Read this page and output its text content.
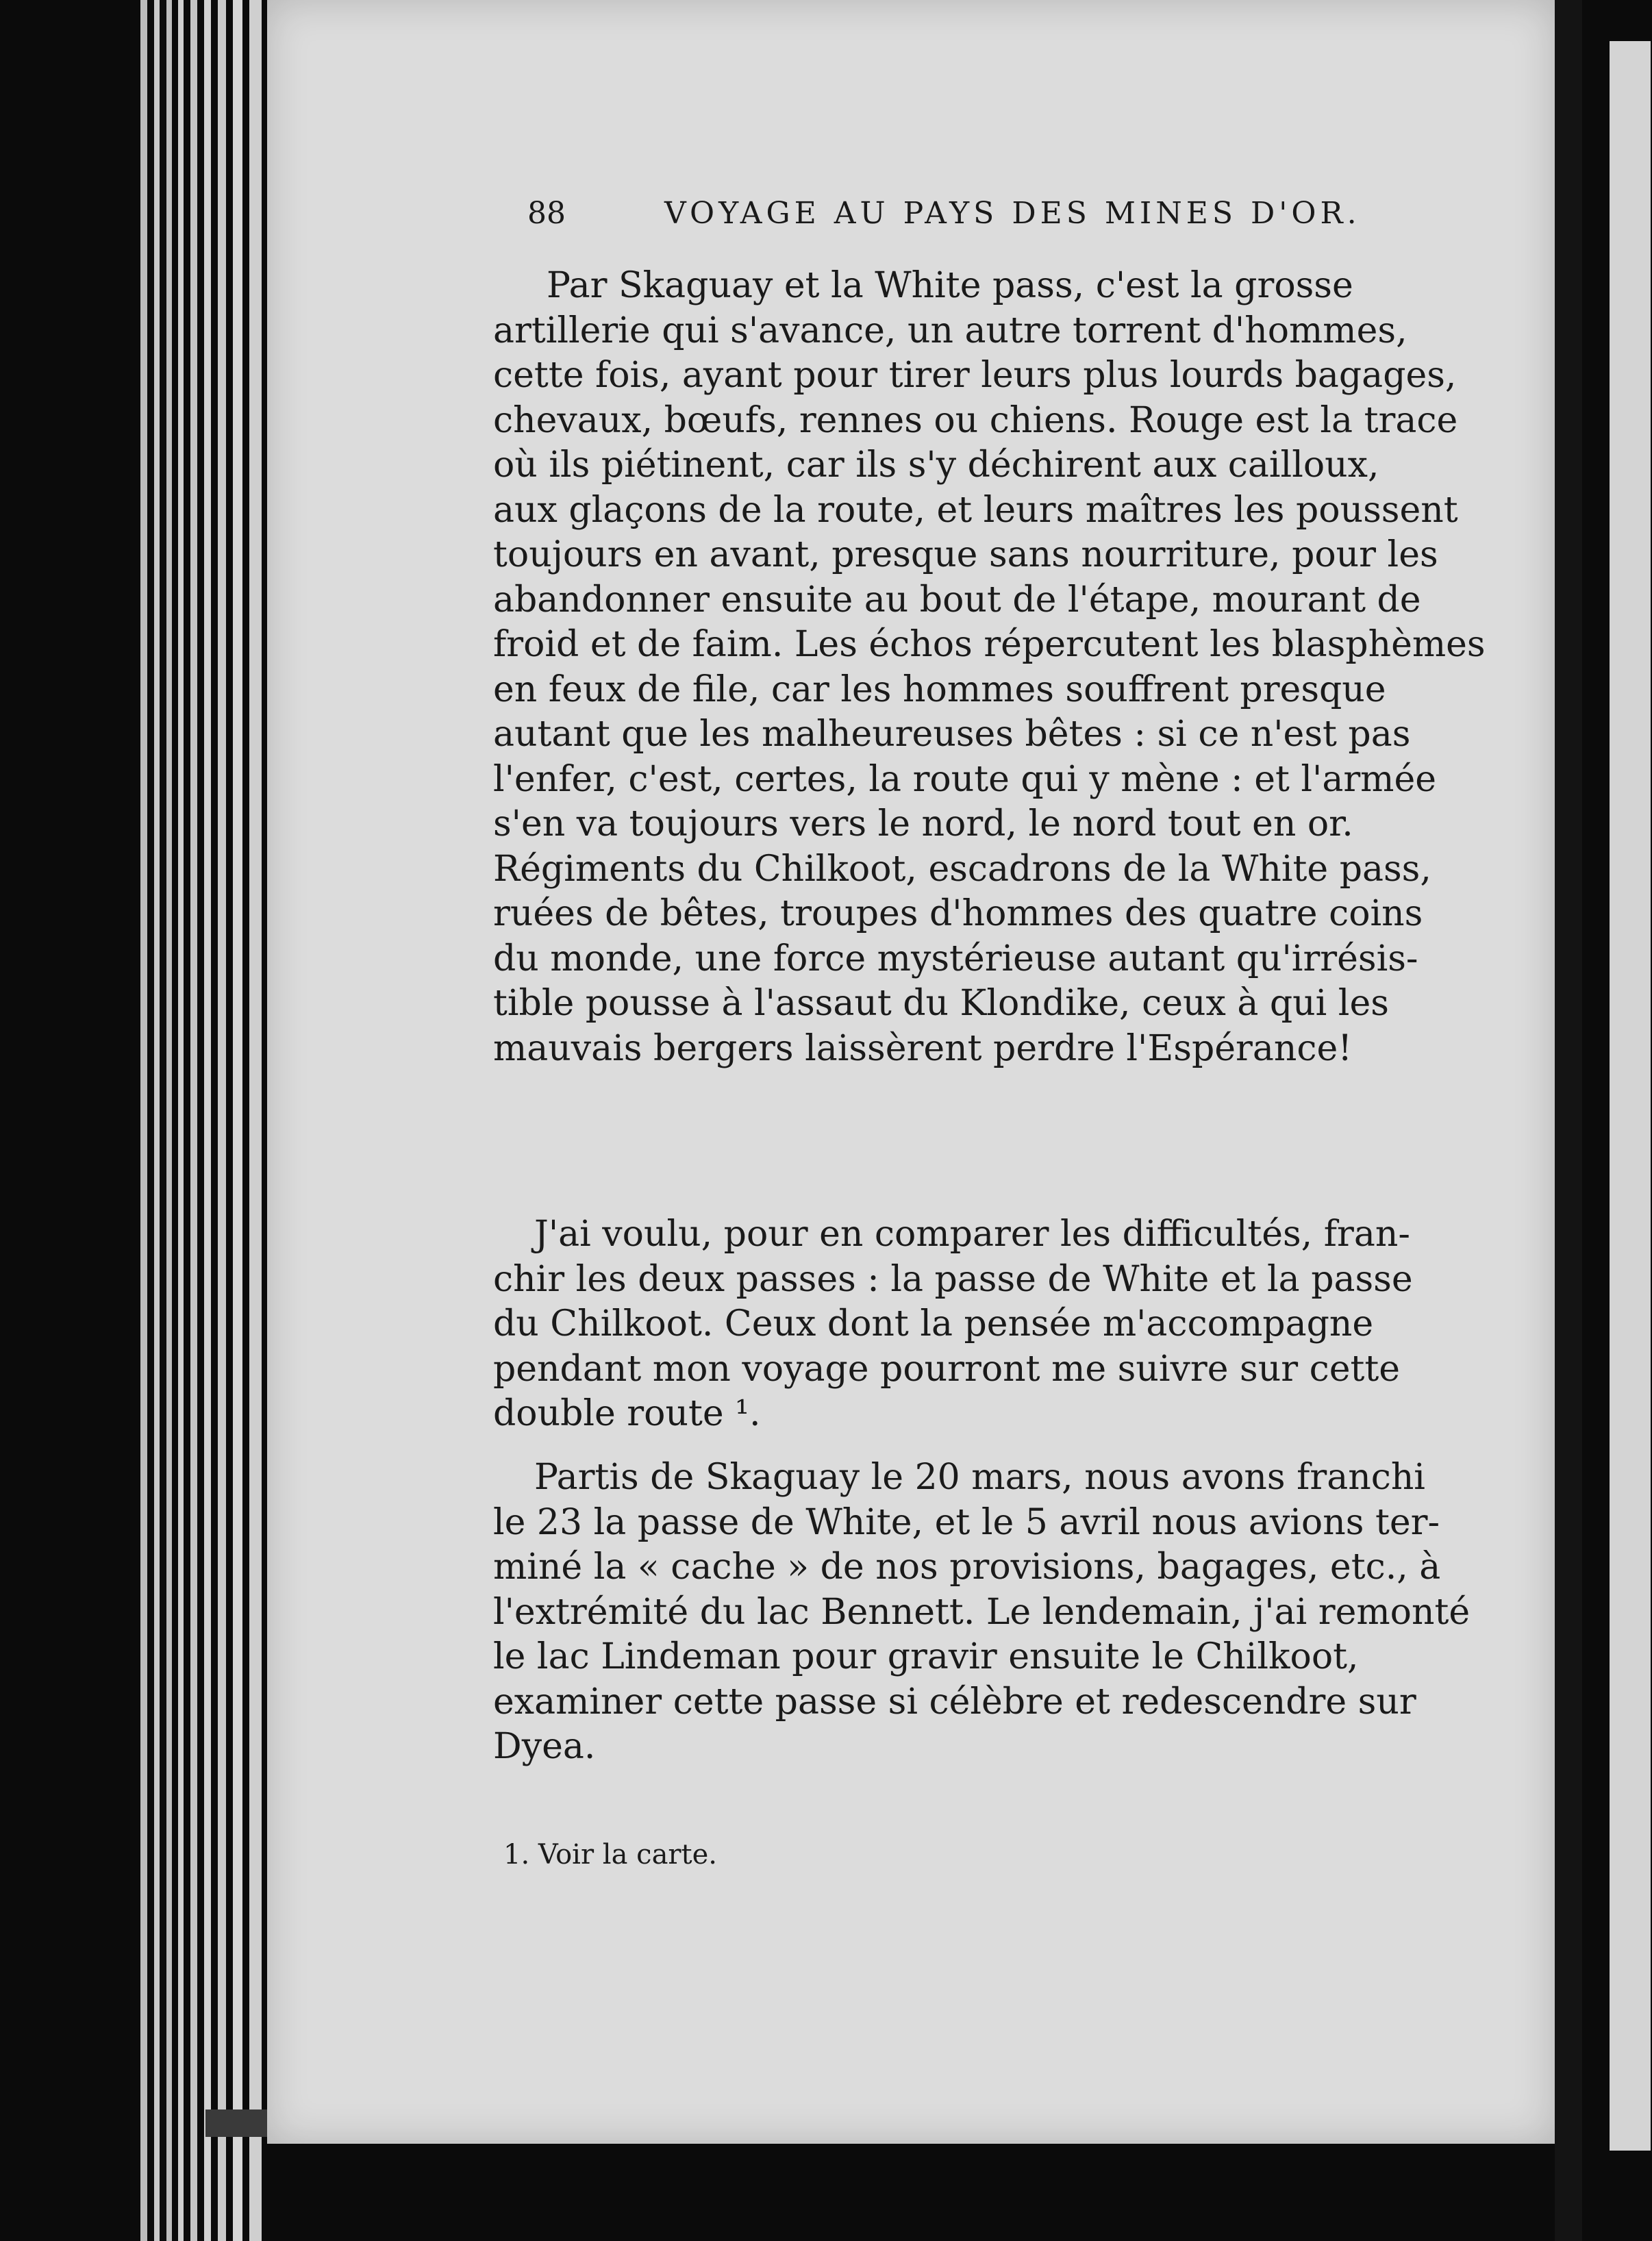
88	VOYAGE AU PAYS DES MINES D'OR.
Par Skaguay et la White pass, c'est la grosse
artillerie qui s'avance, un autre torrent d'hommes,
cette fois, ayant pour tirer leurs plus lourds bagages,
chevaux, bœufs, rennes ou chiens. Rouge est la trace
où ils piétinent, car ils s'y déchirent aux cailloux,
aux glaçons de la route, et leurs maîtres les poussent
toujours en avant, presque sans nourriture, pour les
abandonner ensuite au bout de l'étape, mourant de
froid et de faim. Les échos répercutent les blasphèmes
en feux de file, car les hommes souffrent presque
autant que les malheureuses bêtes : si ce n'est pas
l'enfer, c'est, certes, la route qui y mène : et l'armée
s'en va toujours vers le nord, le nord tout en or.
Régiments du Chilkoot, escadrons de la White pass,
ruées de bêtes, troupes d'hommes des quatre coins
du monde, une force mystérieuse autant qu'irrésis-
tible pousse à l'assaut du Klondike, ceux à qui les
mauvais bergers laissèrent perdre l'Espérance!
J'ai voulu, pour en comparer les difficultés, fran-
chir les deux passes : la passe de White et la passe
du Chilkoot. Ceux dont la pensée m'accompagne
pendant mon voyage pourront me suivre sur cette
double route ¹.
Partis de Skaguay le 20 mars, nous avons franchi
le 23 la passe de White, et le 5 avril nous avions ter-
miné la « cache » de nos provisions, bagages, etc., à
l'extrémité du lac Bennett. Le lendemain, j'ai remonté
le lac Lindeman pour gravir ensuite le Chilkoot,
examiner cette passe si célèbre et redescendre sur
Dyea.
1. Voir la carte.
